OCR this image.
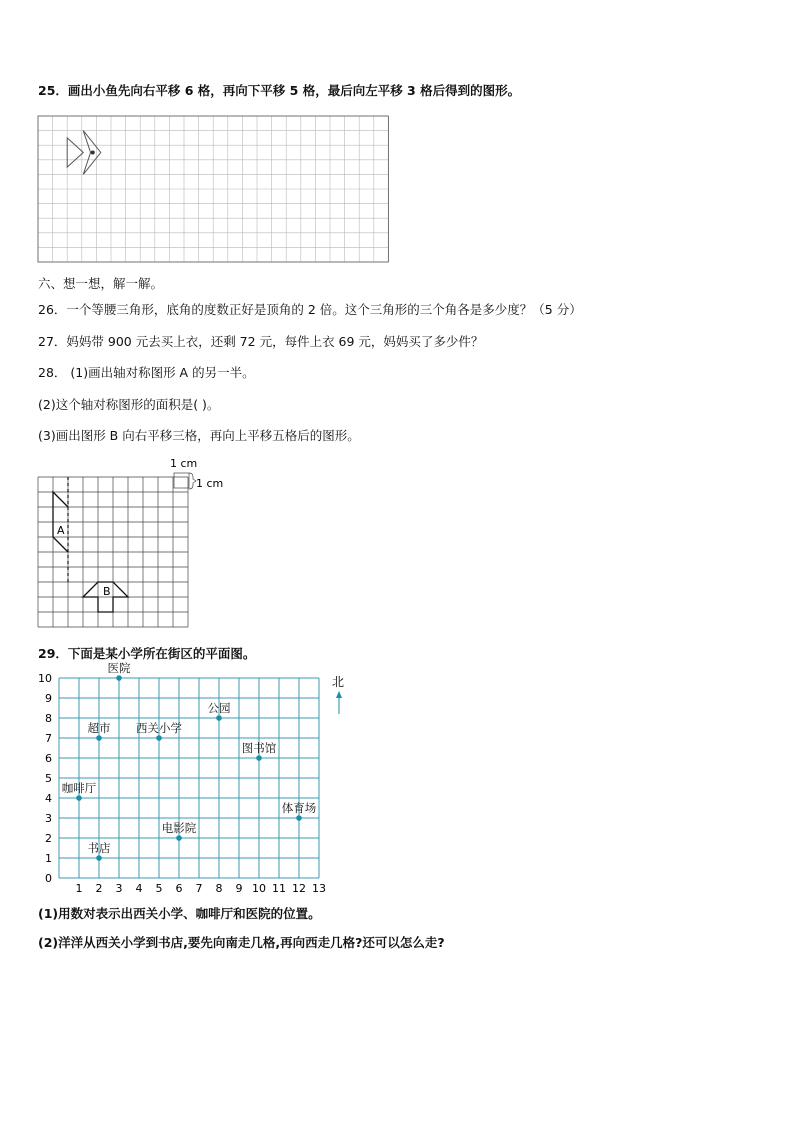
25．画出小鱼先向右平移 6 格，再向下平移 5 格，最后向左平移 3 格后得到的图形。
六、想一想，解一解。
26．一个等腰三角形，底角的度数正好是顶角的 2 倍。这个三角形的三个角各是多少度？（5 分）
27．妈妈带 900 元去买上衣，还剩 72 元，每件上衣 69 元，妈妈买了多少件？
28． (1)画出轴对称图形 A 的另一半。
(2)这个轴对称图形的面积是( )。
(3)画出图形 B 向右平移三格，再向上平移五格后的图形。
1 cm
1 cm
A
B
29．下面是某小学所在街区的平面图。
北
1 2 3 4 5 6 7 8 9 10 11 12 13
0
1
2
3
4
5
6
7
8
9
10
医院
公园
超市 西关小学
图书馆
咖啡厅
体育场
电影院
书店
(1)用数对表示出西关小学、咖啡厅和医院的位置。
(2)洋洋从西关小学到书店,要先向南走几格,再向西走几格?还可以怎么走?
